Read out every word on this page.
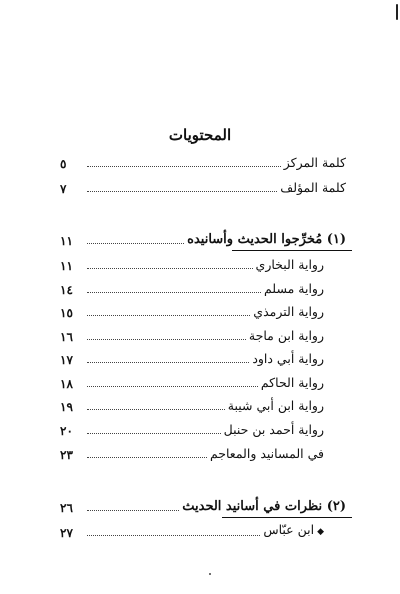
المحتويات
٥	كلمة المركز
٧	كلمة المؤلف
١١	(١) مُخرِّجوا الحديث وأسانيده
١١	رواية البخاري
١٤	رواية مسلم
١٥	رواية الترمذي
١٦	رواية ابن ماجة
١٧	رواية أبي داود
١٨	رواية الحاكم
١٩	رواية ابن أبي شيبة
٢٠	رواية أحمد بن حنبل
٢٣	في المسانيد والمعاجم
٢٦	(٢) نظرات في أسانيد الحديث
٢٧	◆ابن عبّاس
